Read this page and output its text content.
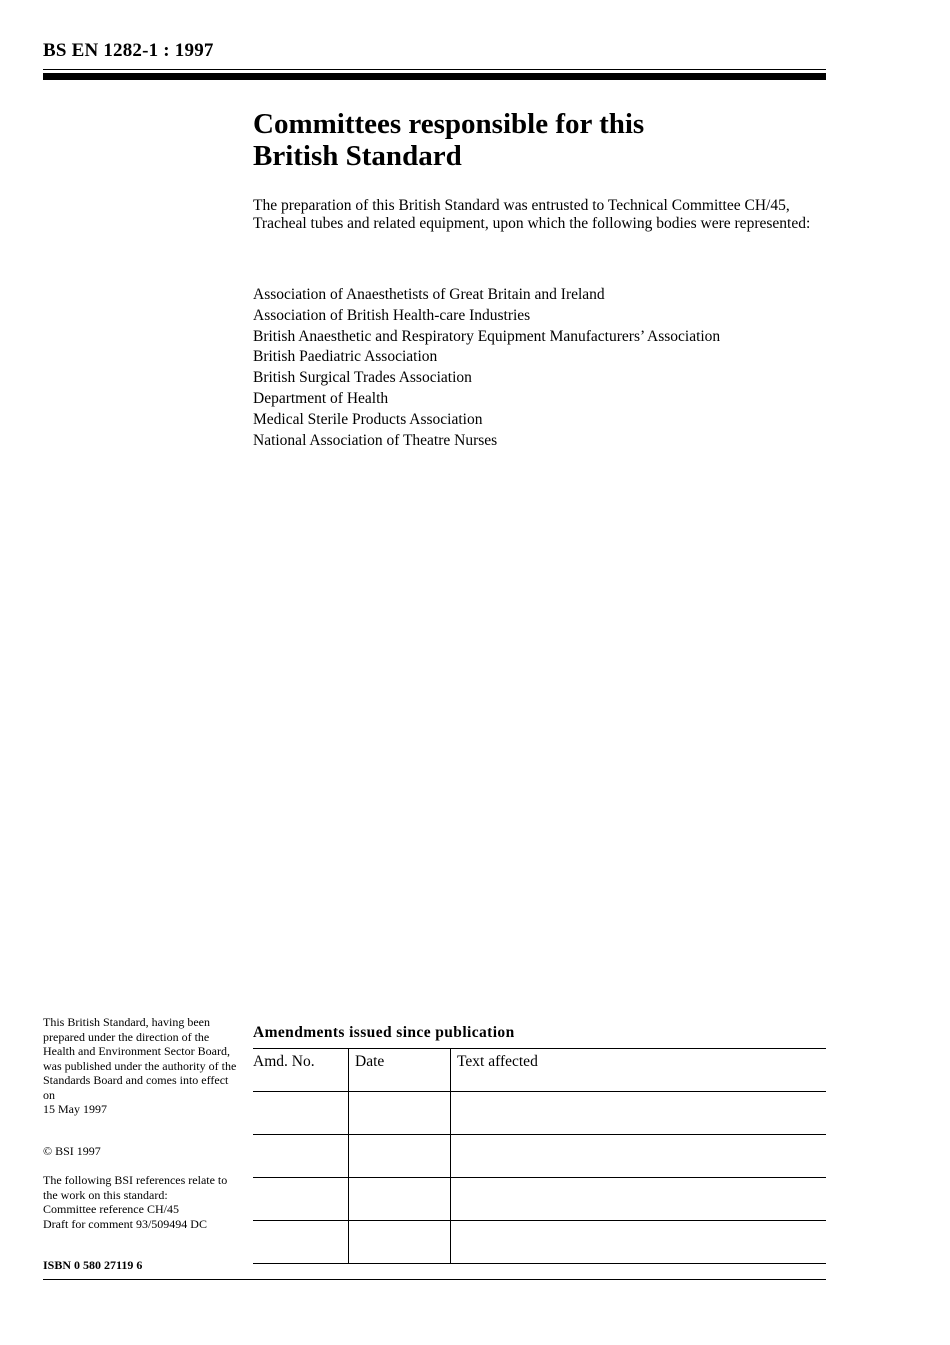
BS EN 1282-1 : 1997
Committees responsible for this
British Standard

The preparation of this British Standard was entrusted to Technical Committee CH/45, Tracheal tubes and related equipment, upon which the following bodies were represented:

Association of Anaesthetists of Great Britain and Ireland
Association of British Health-care Industries
British Anaesthetic and Respiratory Equipment Manufacturers’ Association
British Paediatric Association
British Surgical Trades Association
Department of Health
Medical Sterile Products Association
National Association of Theatre Nurses

This British Standard, having been prepared under the direction of the Health and Environment Sector Board, was published under the authority of the Standards Board and comes into effect on

15 May 1997

© BSI 1997

The following BSI references relate to the work on this standard:
Committee reference CH/45
Draft for comment 93/509494 DC

ISBN 0 580 27119 6

Amendments issued since publication
Amd. No.	Date	Text affected
